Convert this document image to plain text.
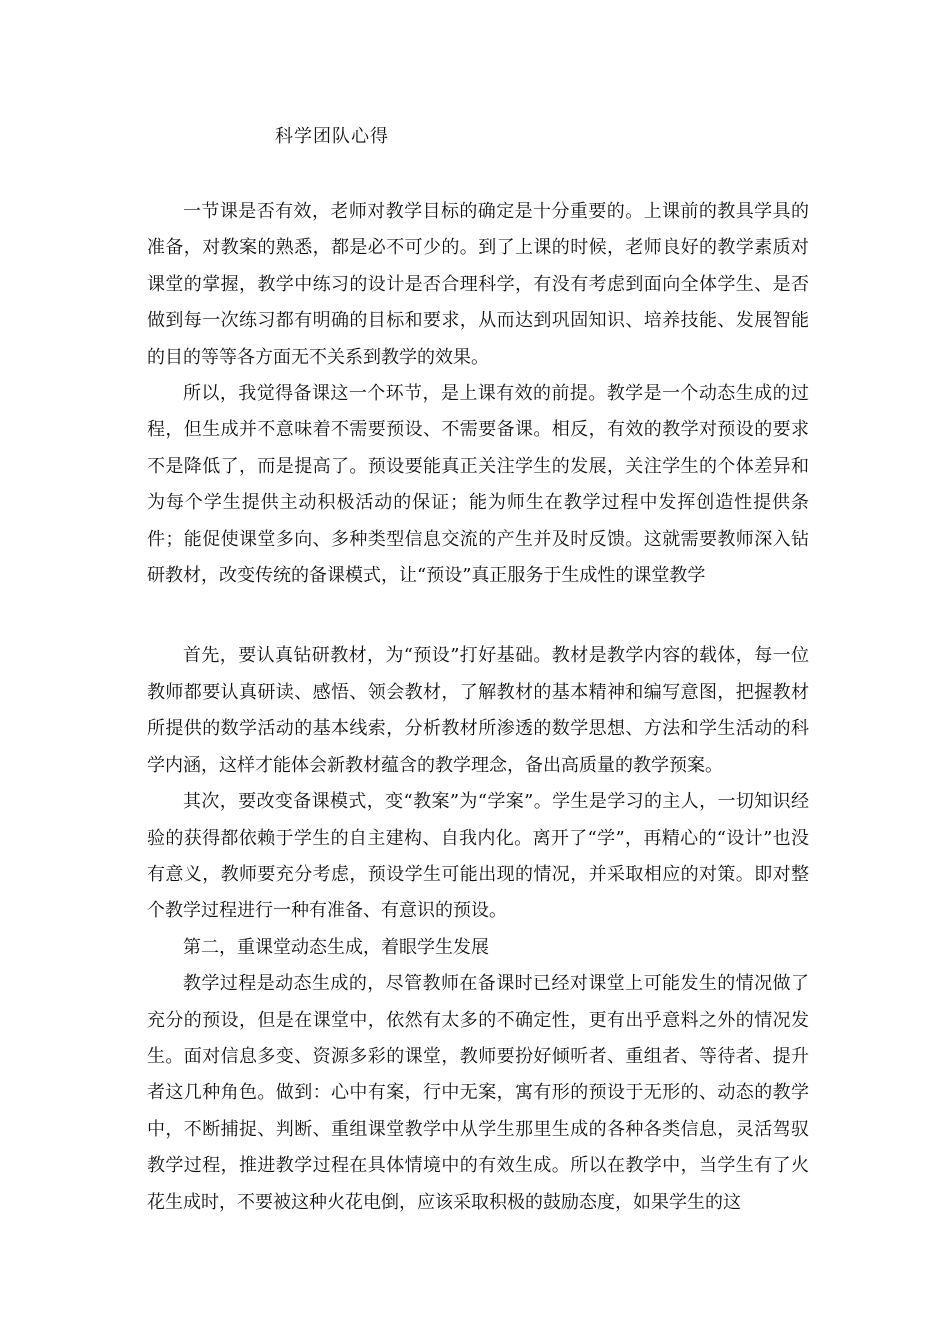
科学团队心得

一节课是否有效，老师对教学目标的确定是十分重要的。上课前的教具学具的准备，对教案的熟悉，都是必不可少的。到了上课的时候，老师良好的教学素质对课堂的掌握，教学中练习的设计是否合理科学，有没有考虑到面向全体学生、是否做到每一次练习都有明确的目标和要求，从而达到巩固知识、培养技能、发展智能的目的等等各方面无不关系到教学的效果。

所以，我觉得备课这一个环节，是上课有效的前提。教学是一个动态生成的过程，但生成并不意味着不需要预设、不需要备课。相反，有效的教学对预设的要求不是降低了，而是提高了。预设要能真正关注学生的发展，关注学生的个体差异和为每个学生提供主动积极活动的保证；能为师生在教学过程中发挥创造性提供条件；能促使课堂多向、多种类型信息交流的产生并及时反馈。这就需要教师深入钻研教材，改变传统的备课模式，让“预设”真正服务于生成性的课堂教学

首先，要认真钻研教材，为“预设”打好基础。教材是教学内容的载体，每一位教师都要认真研读、感悟、领会教材，了解教材的基本精神和编写意图，把握教材所提供的数学活动的基本线索，分析教材所渗透的数学思想、方法和学生活动的科学内涵，这样才能体会新教材蕴含的教学理念，备出高质量的教学预案。

其次，要改变备课模式，变“教案”为“学案”。学生是学习的主人，一切知识经验的获得都依赖于学生的自主建构、自我内化。离开了“学”，再精心的“设计”也没有意义，教师要充分考虑，预设学生可能出现的情况，并采取相应的对策。即对整个教学过程进行一种有准备、有意识的预设。

第二，重课堂动态生成，着眼学生发展

教学过程是动态生成的，尽管教师在备课时已经对课堂上可能发生的情况做了充分的预设，但是在课堂中，依然有太多的不确定性，更有出乎意料之外的情况发生。面对信息多变、资源多彩的课堂，教师要扮好倾听者、重组者、等待者、提升者这几种角色。做到：心中有案，行中无案，寓有形的预设于无形的、动态的教学中，不断捕捉、判断、重组课堂教学中从学生那里生成的各种各类信息，灵活驾驭教学过程，推进教学过程在具体情境中的有效生成。所以在教学中，当学生有了火花生成时，不要被这种火花电倒，应该采取积极的鼓励态度，如果学生的这
